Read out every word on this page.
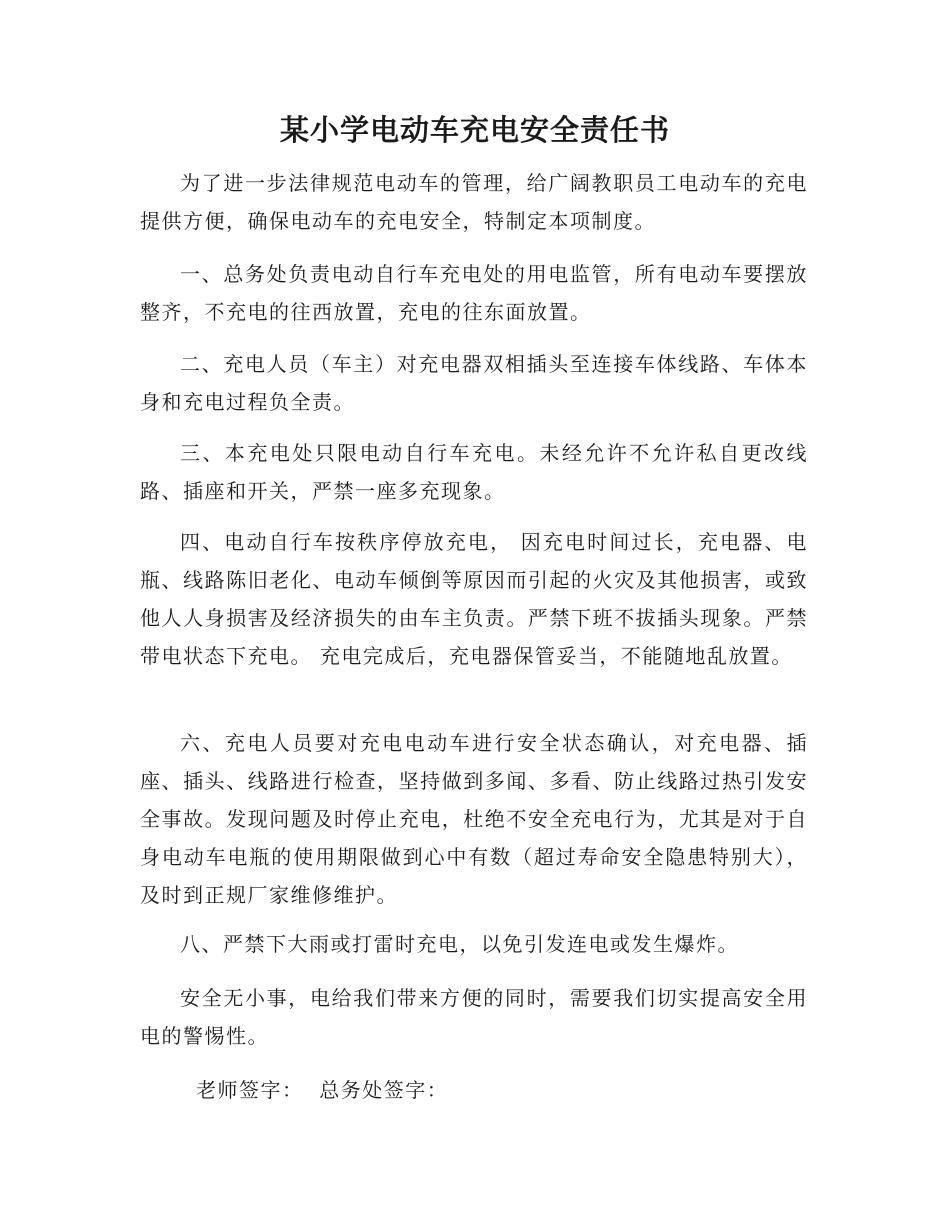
某小学电动车充电安全责任书

为了进一步法律规范电动车的管理，给广阔教职员工电动车的充电提供方便，确保电动车的充电安全，特制定本项制度。

一、总务处负责电动自行车充电处的用电监管，所有电动车要摆放整齐，不充电的往西放置，充电的往东面放置。

二、充电人员（车主）对充电器双相插头至连接车体线路、车体本身和充电过程负全责。

三、本充电处只限电动自行车充电。未经允许不允许私自更改线路、插座和开关，严禁一座多充现象。

四、电动自行车按秩序停放充电， 因充电时间过长，充电器、电瓶、线路陈旧老化、电动车倾倒等原因而引起的火灾及其他损害，或致他人人身损害及经济损失的由车主负责。严禁下班不拔插头现象。严禁带电状态下充电。 充电完成后，充电器保管妥当，不能随地乱放置。

六、充电人员要对充电电动车进行安全状态确认，对充电器、插座、插头、线路进行检查，坚持做到多闻、多看、防止线路过热引发安全事故。发现问题及时停止充电，杜绝不安全充电行为，尤其是对于自身电动车电瓶的使用期限做到心中有数（超过寿命安全隐患特别大），及时到正规厂家维修维护。

八、严禁下大雨或打雷时充电，以免引发连电或发生爆炸。

安全无小事，电给我们带来方便的同时，需要我们切实提高安全用电的警惕性。

老师签字：  总务处签字：
